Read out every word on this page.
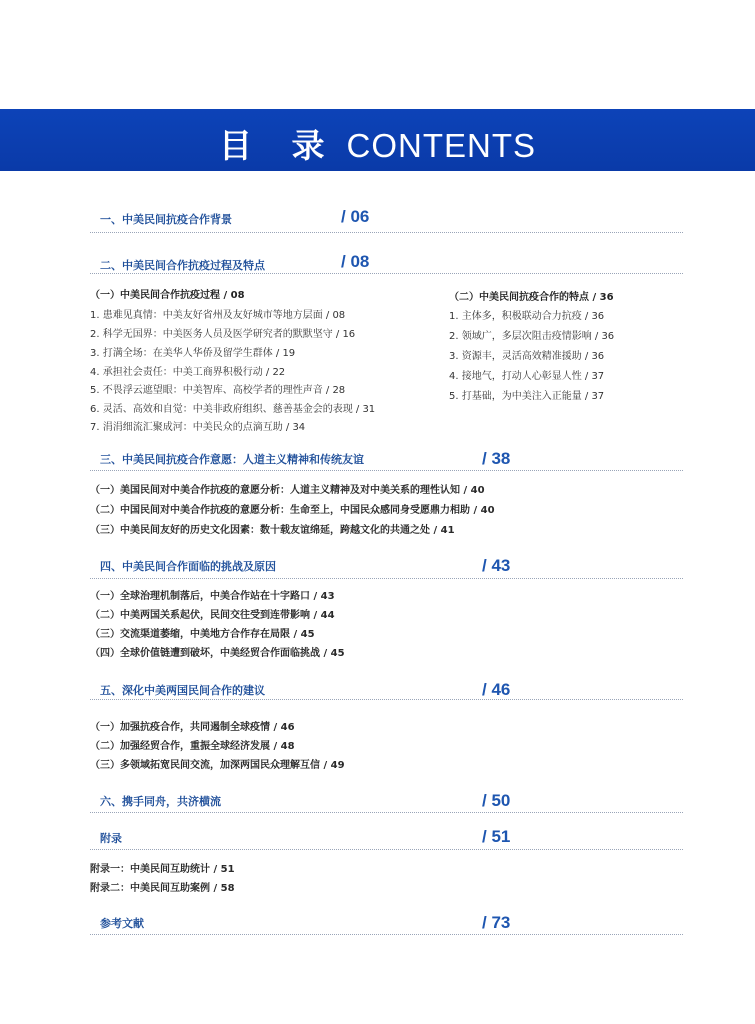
目 录 CONTENTS
一、中美民间抗疫合作背景	/ 06
二、中美民间合作抗疫过程及特点	/ 08
（一）中美民间合作抗疫过程 / 08
1. 患难见真情：中美友好省州及友好城市等地方层面 / 08
2. 科学无国界：中美医务人员及医学研究者的默默坚守 / 16
3. 打满全场：在美华人华侨及留学生群体 / 19
4. 承担社会责任：中美工商界积极行动 / 22
5. 不畏浮云遮望眼：中美智库、高校学者的理性声音 / 28
6. 灵活、高效和自觉：中美非政府组织、慈善基金会的表现 / 31
7. 涓涓细流汇聚成河：中美民众的点滴互助 / 34
（二）中美民间抗疫合作的特点 / 36
1. 主体多，积极联动合力抗疫 / 36
2. 领域广，多层次阻击疫情影响 / 36
3. 资源丰，灵活高效精准援助 / 36
4. 接地气，打动人心彰显人性 / 37
5. 打基础，为中美注入正能量 / 37
三、中美民间抗疫合作意愿：人道主义精神和传统友谊	/ 38
（一）美国民间对中美合作抗疫的意愿分析：人道主义精神及对中美关系的理性认知 / 40
（二）中国民间对中美合作抗疫的意愿分析：生命至上，中国民众感同身受愿鼎力相助 / 40
（三）中美民间友好的历史文化因素：数十载友谊绵延，跨越文化的共通之处 / 41
四、中美民间合作面临的挑战及原因	/ 43
（一）全球治理机制落后，中美合作站在十字路口 / 43
（二）中美两国关系起伏，民间交往受到连带影响 / 44
（三）交流渠道萎缩，中美地方合作存在局限 / 45
（四）全球价值链遭到破坏，中美经贸合作面临挑战 / 45
五、深化中美两国民间合作的建议	/ 46
（一）加强抗疫合作，共同遏制全球疫情 / 46
（二）加强经贸合作，重振全球经济发展 / 48
（三）多领域拓宽民间交流，加深两国民众理解互信 / 49
六、携手同舟，共济横流	/ 50
附录	/ 51
附录一：中美民间互助统计 / 51
附录二：中美民间互助案例 / 58
参考文献	/ 73
